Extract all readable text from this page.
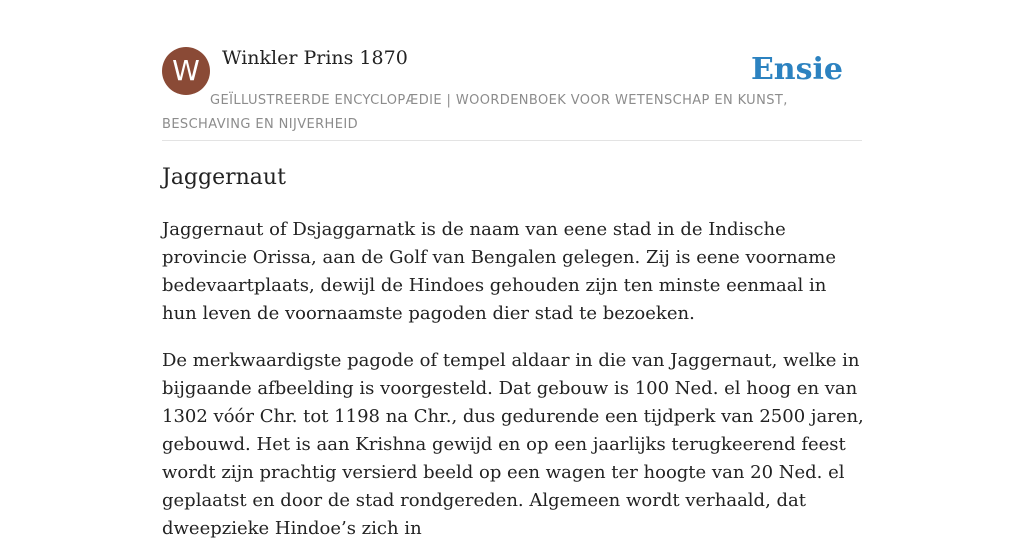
W	Winkler Prins 1870	Ensie
GEÏLLUSTREERDE ENCYCLOPÆDIE | WOORDENBOEK VOOR WETENSCHAP EN KUNST, BESCHAVING EN NIJVERHEID
Jaggernaut

Jaggernaut of Dsjaggarnatk is de naam van eene stad in de Indische provincie Orissa, aan de Golf van Bengalen gelegen. Zij is eene voorname bedevaartplaats, dewijl de Hindoes gehouden zijn ten minste eenmaal in hun leven de voornaamste pagoden dier stad te bezoeken.

De merkwaardigste pagode of tempel aldaar in die van Jaggernaut, welke in bijgaande afbeelding is voorgesteld. Dat gebouw is 100 Ned. el hoog en van 1302 vóór Chr. tot 1198 na Chr., dus gedurende een tijdperk van 2500 jaren, gebouwd. Het is aan Krishna gewijd en op een jaarlijks terugkeerend feest wordt zijn prachtig versierd beeld op een wagen ter hoogte van 20 Ned. el geplaatst en door de stad rondgereden. Algemeen wordt verhaald, dat dweepzieke Hindoe’s zich in
